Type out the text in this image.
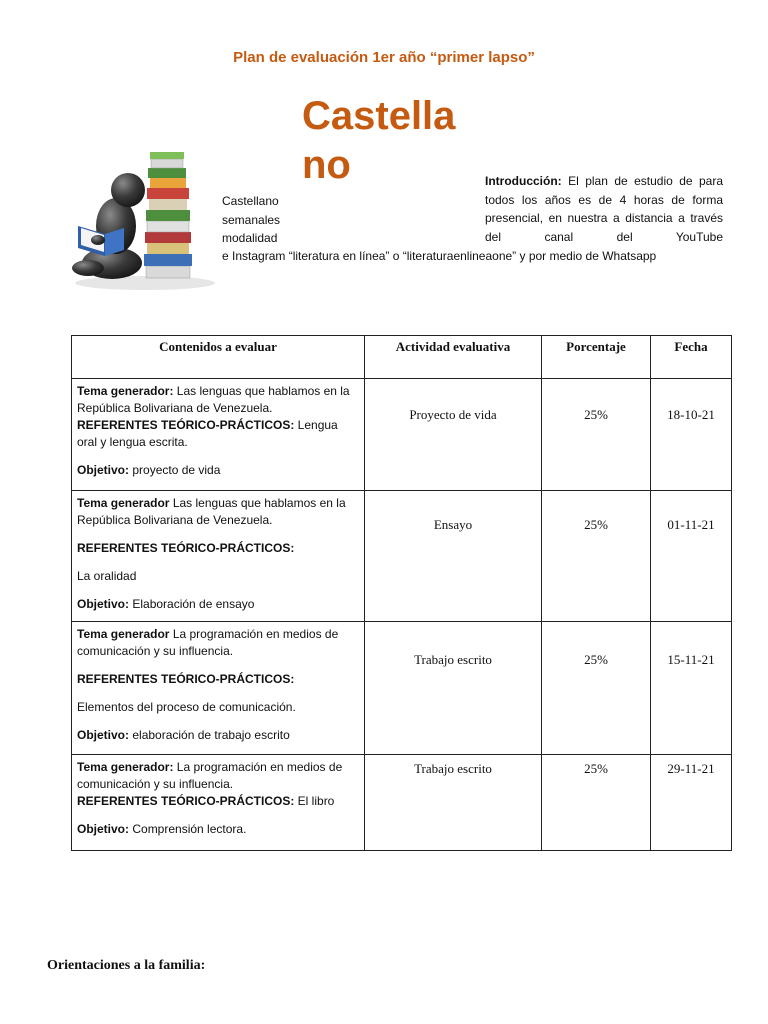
Plan de evaluación 1er año “primer lapso”
Castella
no
Castellano
semanales
modalidad
Introducción: El plan de estudio de para todos los años es de 4 horas de forma presencial, en nuestra a distancia a través del canal del YouTube
e Instagram “literatura en línea” o “literaturaenlineaone” y por medio de Whatsapp
Contenidos a evaluar	Actividad evaluativa	Porcentaje	Fecha

Tema generador: Las lenguas que hablamos en la República Bolivariana de Venezuela.
REFERENTES TEÓRICO-PRÁCTICOS: Lengua oral y lengua escrita.

Objetivo: proyecto de vida	Proyecto de vida	25%	18-10-21

Tema generador Las lenguas que hablamos en la República Bolivariana de Venezuela.

REFERENTES TEÓRICO-PRÁCTICOS:

La oralidad

Objetivo: Elaboración de ensayo	Ensayo	25%	01-11-21

Tema generador La programación en medios de comunicación y su influencia.

REFERENTES TEÓRICO-PRÁCTICOS:

Elementos del proceso de comunicación.

Objetivo: elaboración de trabajo escrito	Trabajo escrito	25%	15-11-21

Tema generador: La programación en medios de comunicación y su influencia.
REFERENTES TEÓRICO-PRÁCTICOS: El libro

Objetivo: Comprensión lectora.	Trabajo escrito	25%	29-11-21
Orientaciones a la familia:
